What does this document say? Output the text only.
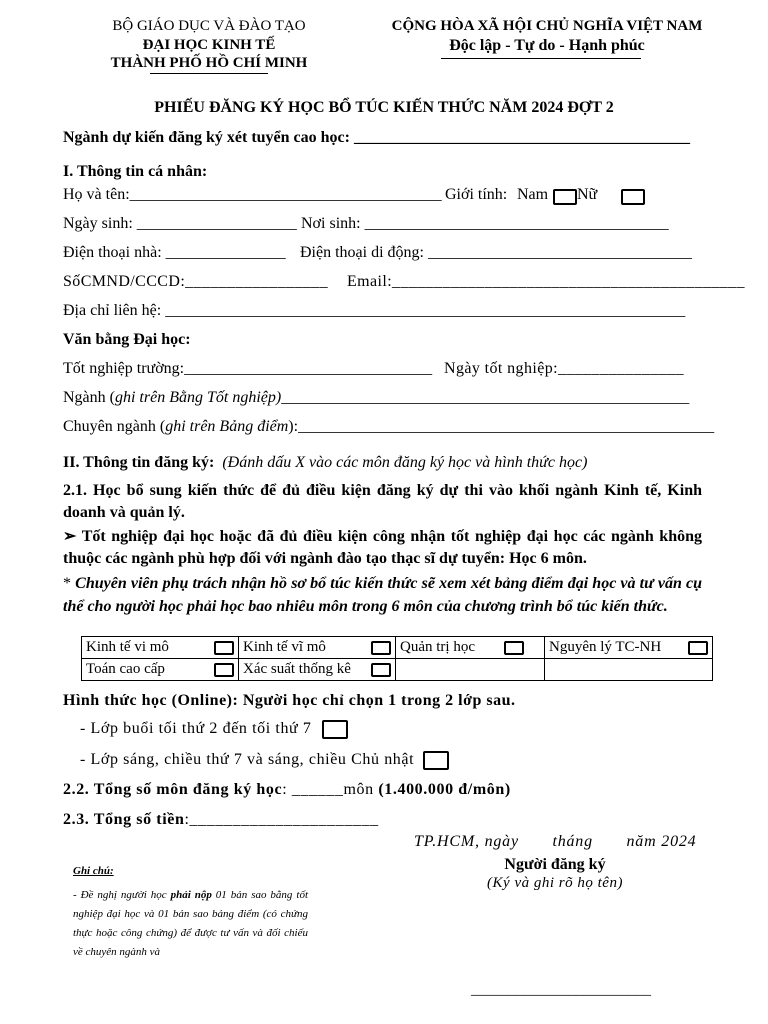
BỘ GIÁO DỤC VÀ ĐÀO TẠO
ĐẠI HỌC KINH TẾ
THÀNH PHỐ HỒ CHÍ MINH
CỘNG HÒA XÃ HỘI CHỦ NGHĨA VIỆT NAM
Độc lập - Tự do - Hạnh phúc
PHIẾU ĐĂNG KÝ HỌC BỔ TÚC KIẾN THỨC NĂM 2024 ĐỢT 2
Ngành dự kiến đăng ký xét tuyển cao học: __________________________________________
I. Thông tin cá nhân:
Họ và tên:_______________________________________ Giới tính: Nam Nữ
Ngày sinh: ____________________ Nơi sinh: ______________________________________
Điện thoại nhà: _______________ Điện thoại di động: _________________________________
SốCMND/CCCD:_________________ Email:__________________________________________
Địa chỉ liên hệ: _________________________________________________________________
Văn bằng Đại học:
Tốt nghiệp trường:_______________________________ Ngày tốt nghiệp:_______________
Ngành (ghi trên Bằng Tốt nghiệp)___________________________________________________
Chuyên ngành (ghi trên Bảng điểm):____________________________________________________
II. Thông tin đăng ký: (Đánh dấu X vào các môn đăng ký học và hình thức học)
2.1. Học bổ sung kiến thức để đủ điều kiện đăng ký dự thi vào khối ngành Kinh tế, Kinh doanh và quản lý.
➢ Tốt nghiệp đại học hoặc đã đủ điều kiện công nhận tốt nghiệp đại học các ngành không thuộc các ngành phù hợp đối với ngành đào tạo thạc sĩ dự tuyển: Học 6 môn.
* Chuyên viên phụ trách nhận hồ sơ bổ túc kiến thức sẽ xem xét bảng điểm đại học và tư vấn cụ thể cho người học phải học bao nhiêu môn trong 6 môn của chương trình bổ túc kiến thức.
Kinh tế vi mô	Kinh tế vĩ mô	Quản trị học	Nguyên lý TC-NH

Toán cao cấp	Xác suất thống kê		

Hình thức học (Online): Người học chỉ chọn 1 trong 2 lớp sau.
- Lớp buổi tối thứ 2 đến tối thứ 7
- Lớp sáng, chiều thứ 7 và sáng, chiều Chủ nhật
2.2. Tổng số môn đăng ký học: ______môn (1.400.000 đ/môn)
2.3. Tổng số tiền:______________________
TP.HCM, ngày       tháng       năm 2024
Người đăng ký
(Ký và ghi rõ họ tên)
________________________
Ghi chú:
- Đề nghị người học phải nộp 01 bản sao bằng tốt nghiệp đại học và 01 bản sao bảng điểm (có chứng thực hoặc công chứng) để được tư vấn và đối chiếu về chuyên ngành và
